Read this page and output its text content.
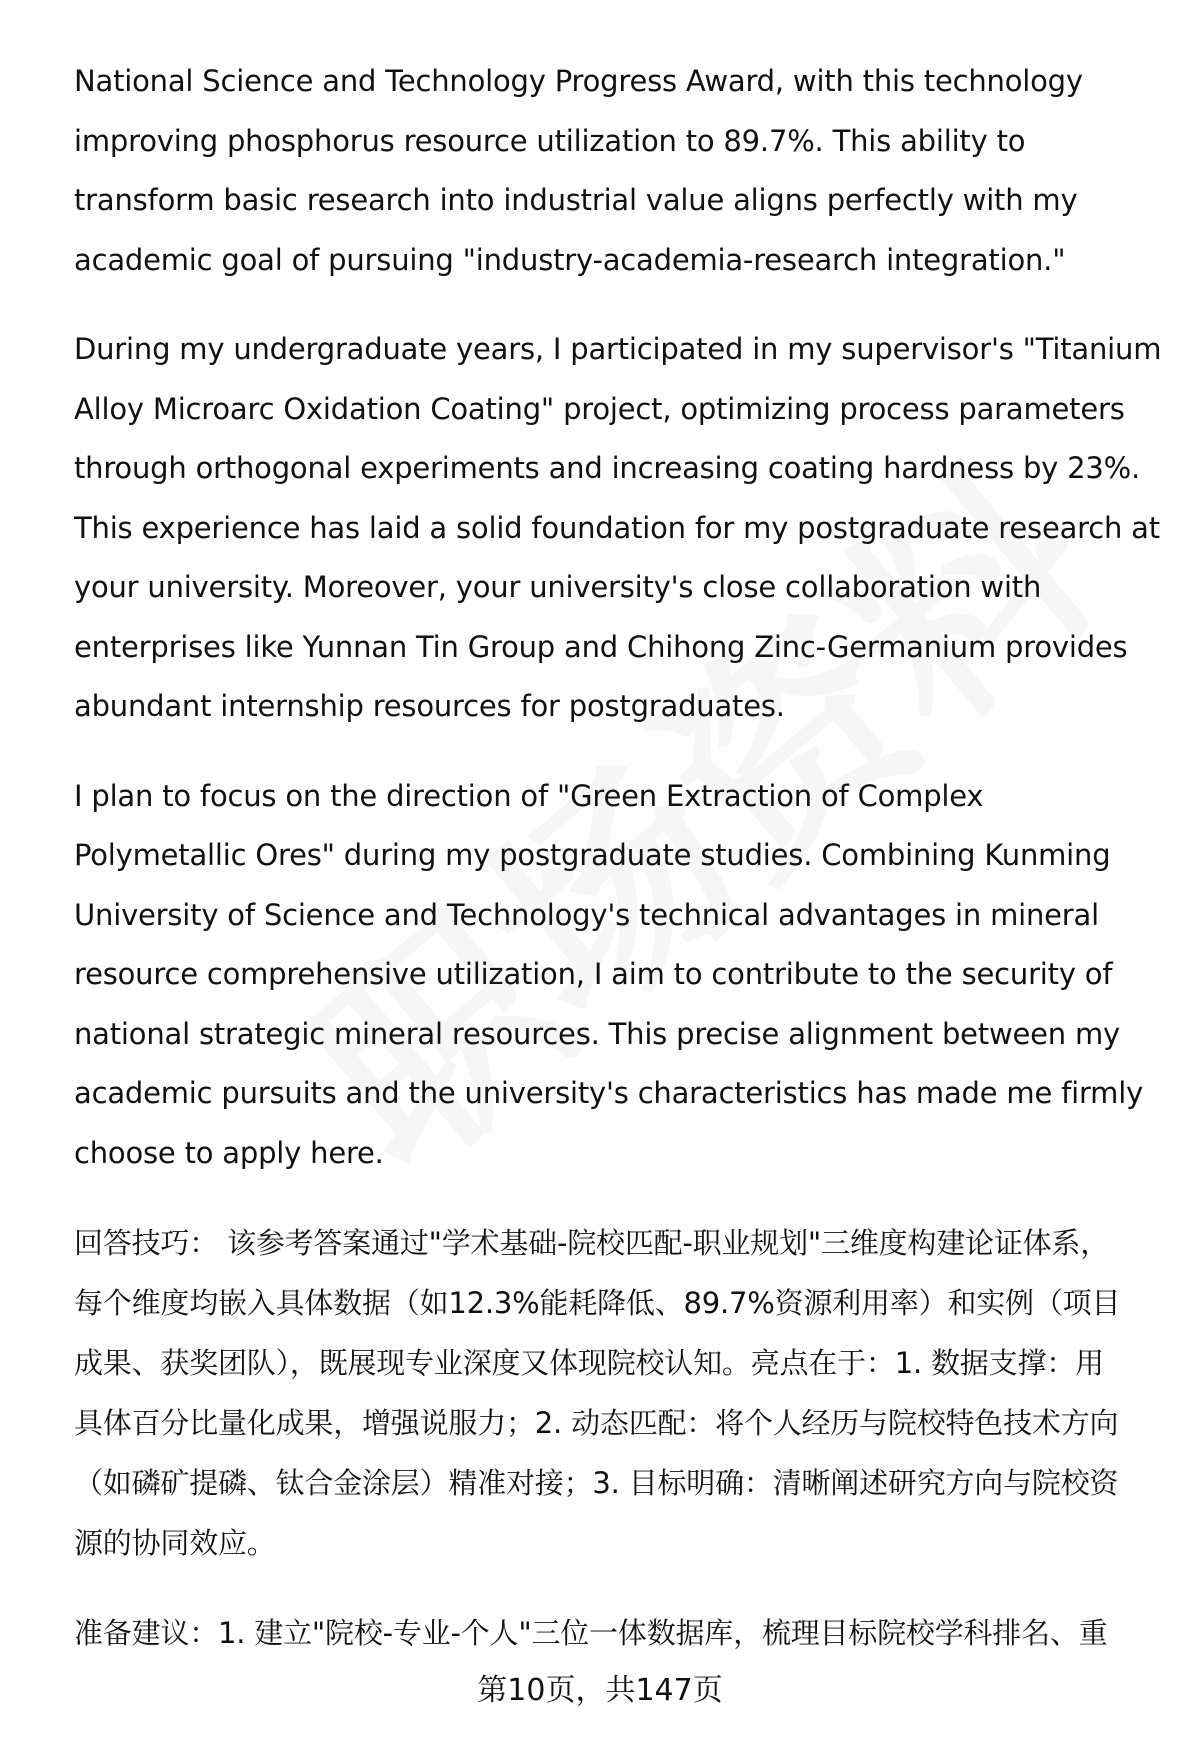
National Science and Technology Progress Award, with this technology
improving phosphorus resource utilization to 89.7%. This ability to
transform basic research into industrial value aligns perfectly with my
academic goal of pursuing "industry-academia-research integration."

During my undergraduate years, I participated in my supervisor's "Titanium
Alloy Microarc Oxidation Coating" project, optimizing process parameters
through orthogonal experiments and increasing coating hardness by 23%.
This experience has laid a solid foundation for my postgraduate research at
your university. Moreover, your university's close collaboration with
enterprises like Yunnan Tin Group and Chihong Zinc-Germanium provides
abundant internship resources for postgraduates.

I plan to focus on the direction of "Green Extraction of Complex
Polymetallic Ores" during my postgraduate studies. Combining Kunming
University of Science and Technology's technical advantages in mineral
resource comprehensive utilization, I aim to contribute to the security of
national strategic mineral resources. This precise alignment between my
academic pursuits and the university's characteristics has made me firmly
choose to apply here.

回答技巧： 该参考答案通过"学术基础-院校匹配-职业规划"三维度构建论证体系，
每个维度均嵌入具体数据（如12.3%能耗降低、89.7%资源利用率）和实例（项目
成果、获奖团队），既展现专业深度又体现院校认知。亮点在于：1. 数据支撑：用
具体百分比量化成果，增强说服力；2. 动态匹配：将个人经历与院校特色技术方向
（如磷矿提磷、钛合金涂层）精准对接；3. 目标明确：清晰阐述研究方向与院校资
源的协同效应。

准备建议：1. 建立"院校-专业-个人"三位一体数据库，梳理目标院校学科排名、重

第10页，共147页
